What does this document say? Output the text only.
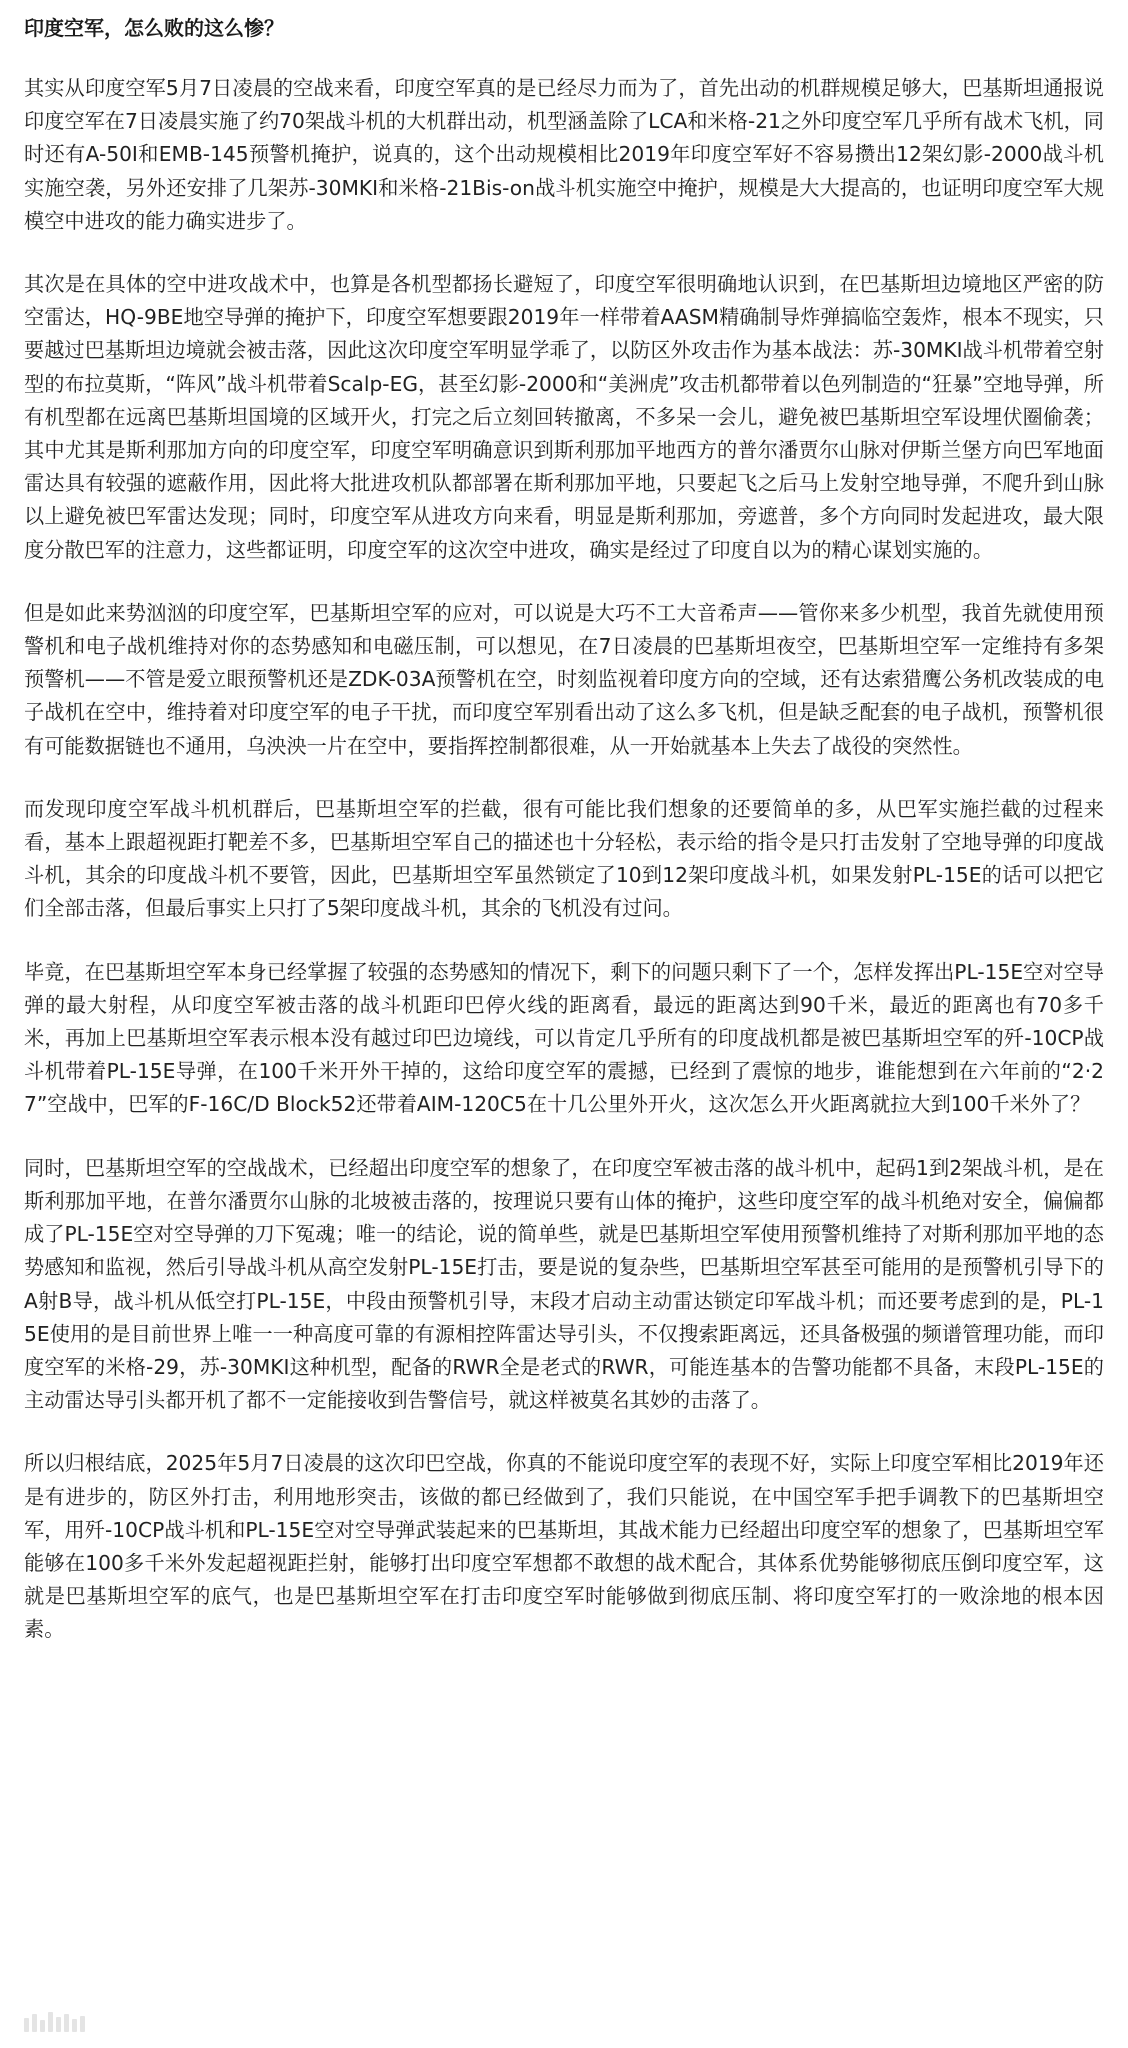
印度空军，怎么败的这么惨？
其实从印度空军5月7日凌晨的空战来看，印度空军真的是已经尽力而为了，首先出动的机群规模足够大，巴基斯坦通报说印度空军在7日凌晨实施了约70架战斗机的大机群出动，机型涵盖除了LCA和米格-21之外印度空军几乎所有战术飞机，同时还有A-50I和EMB-145预警机掩护，说真的，这个出动规模相比2019年印度空军好不容易攒出12架幻影-2000战斗机实施空袭，另外还安排了几架苏-30MKI和米格-21Bis-on战斗机实施空中掩护，规模是大大提高的，也证明印度空军大规模空中进攻的能力确实进步了。
其次是在具体的空中进攻战术中，也算是各机型都扬长避短了，印度空军很明确地认识到，在巴基斯坦边境地区严密的防空雷达，HQ-9BE地空导弹的掩护下，印度空军想要跟2019年一样带着AASM精确制导炸弹搞临空轰炸，根本不现实，只要越过巴基斯坦边境就会被击落，因此这次印度空军明显学乖了，以防区外攻击作为基本战法：苏-30MKI战斗机带着空射型的布拉莫斯，“阵风”战斗机带着Scalp-EG，甚至幻影-2000和“美洲虎”攻击机都带着以色列制造的“狂暴”空地导弹，所有机型都在远离巴基斯坦国境的区域开火，打完之后立刻回转撤离，不多呆一会儿，避免被巴基斯坦空军设埋伏圈偷袭；其中尤其是斯利那加方向的印度空军，印度空军明确意识到斯利那加平地西方的普尔潘贾尔山脉对伊斯兰堡方向巴军地面雷达具有较强的遮蔽作用，因此将大批进攻机队都部署在斯利那加平地，只要起飞之后马上发射空地导弹，不爬升到山脉以上避免被巴军雷达发现；同时，印度空军从进攻方向来看，明显是斯利那加，旁遮普，多个方向同时发起进攻，最大限度分散巴军的注意力，这些都证明，印度空军的这次空中进攻，确实是经过了印度自以为的精心谋划实施的。
但是如此来势汹汹的印度空军，巴基斯坦空军的应对，可以说是大巧不工大音希声——管你来多少机型，我首先就使用预警机和电子战机维持对你的态势感知和电磁压制，可以想见，在7日凌晨的巴基斯坦夜空，巴基斯坦空军一定维持有多架预警机——不管是爱立眼预警机还是ZDK-03A预警机在空，时刻监视着印度方向的空域，还有达索猎鹰公务机改装成的电子战机在空中，维持着对印度空军的电子干扰，而印度空军别看出动了这么多飞机，但是缺乏配套的电子战机，预警机很有可能数据链也不通用，乌泱泱一片在空中，要指挥控制都很难，从一开始就基本上失去了战役的突然性。
而发现印度空军战斗机机群后，巴基斯坦空军的拦截，很有可能比我们想象的还要简单的多，从巴军实施拦截的过程来看，基本上跟超视距打靶差不多，巴基斯坦空军自己的描述也十分轻松，表示给的指令是只打击发射了空地导弹的印度战斗机，其余的印度战斗机不要管，因此，巴基斯坦空军虽然锁定了10到12架印度战斗机，如果发射PL-15E的话可以把它们全部击落，但最后事实上只打了5架印度战斗机，其余的飞机没有过问。
毕竟，在巴基斯坦空军本身已经掌握了较强的态势感知的情况下，剩下的问题只剩下了一个，怎样发挥出PL-15E空对空导弹的最大射程，从印度空军被击落的战斗机距印巴停火线的距离看，最远的距离达到90千米，最近的距离也有70多千米，再加上巴基斯坦空军表示根本没有越过印巴边境线，可以肯定几乎所有的印度战机都是被巴基斯坦空军的歼-10CP战斗机带着PL-15E导弹，在100千米开外干掉的，这给印度空军的震撼，已经到了震惊的地步，谁能想到在六年前的“2·27”空战中，巴军的F-16C/D Block52还带着AIM-120C5在十几公里外开火，这次怎么开火距离就拉大到100千米外了？
同时，巴基斯坦空军的空战战术，已经超出印度空军的想象了，在印度空军被击落的战斗机中，起码1到2架战斗机，是在斯利那加平地，在普尔潘贾尔山脉的北坡被击落的，按理说只要有山体的掩护，这些印度空军的战斗机绝对安全，偏偏都成了PL-15E空对空导弹的刀下冤魂；唯一的结论，说的简单些，就是巴基斯坦空军使用预警机维持了对斯利那加平地的态势感知和监视，然后引导战斗机从高空发射PL-15E打击，要是说的复杂些，巴基斯坦空军甚至可能用的是预警机引导下的A射B导，战斗机从低空打PL-15E，中段由预警机引导，末段才启动主动雷达锁定印军战斗机；而还要考虑到的是，PL-15E使用的是目前世界上唯一一种高度可靠的有源相控阵雷达导引头，不仅搜索距离远，还具备极强的频谱管理功能，而印度空军的米格-29，苏-30MKI这种机型，配备的RWR全是老式的RWR，可能连基本的告警功能都不具备，末段PL-15E的主动雷达导引头都开机了都不一定能接收到告警信号，就这样被莫名其妙的击落了。
所以归根结底，2025年5月7日凌晨的这次印巴空战，你真的不能说印度空军的表现不好，实际上印度空军相比2019年还是有进步的，防区外打击，利用地形突击，该做的都已经做到了，我们只能说，在中国空军手把手调教下的巴基斯坦空军，用歼-10CP战斗机和PL-15E空对空导弹武装起来的巴基斯坦，其战术能力已经超出印度空军的想象了，巴基斯坦空军能够在100多千米外发起超视距拦射，能够打出印度空军想都不敢想的战术配合，其体系优势能够彻底压倒印度空军，这就是巴基斯坦空军的底气，也是巴基斯坦空军在打击印度空军时能够做到彻底压制、将印度空军打的一败涂地的根本因素。
